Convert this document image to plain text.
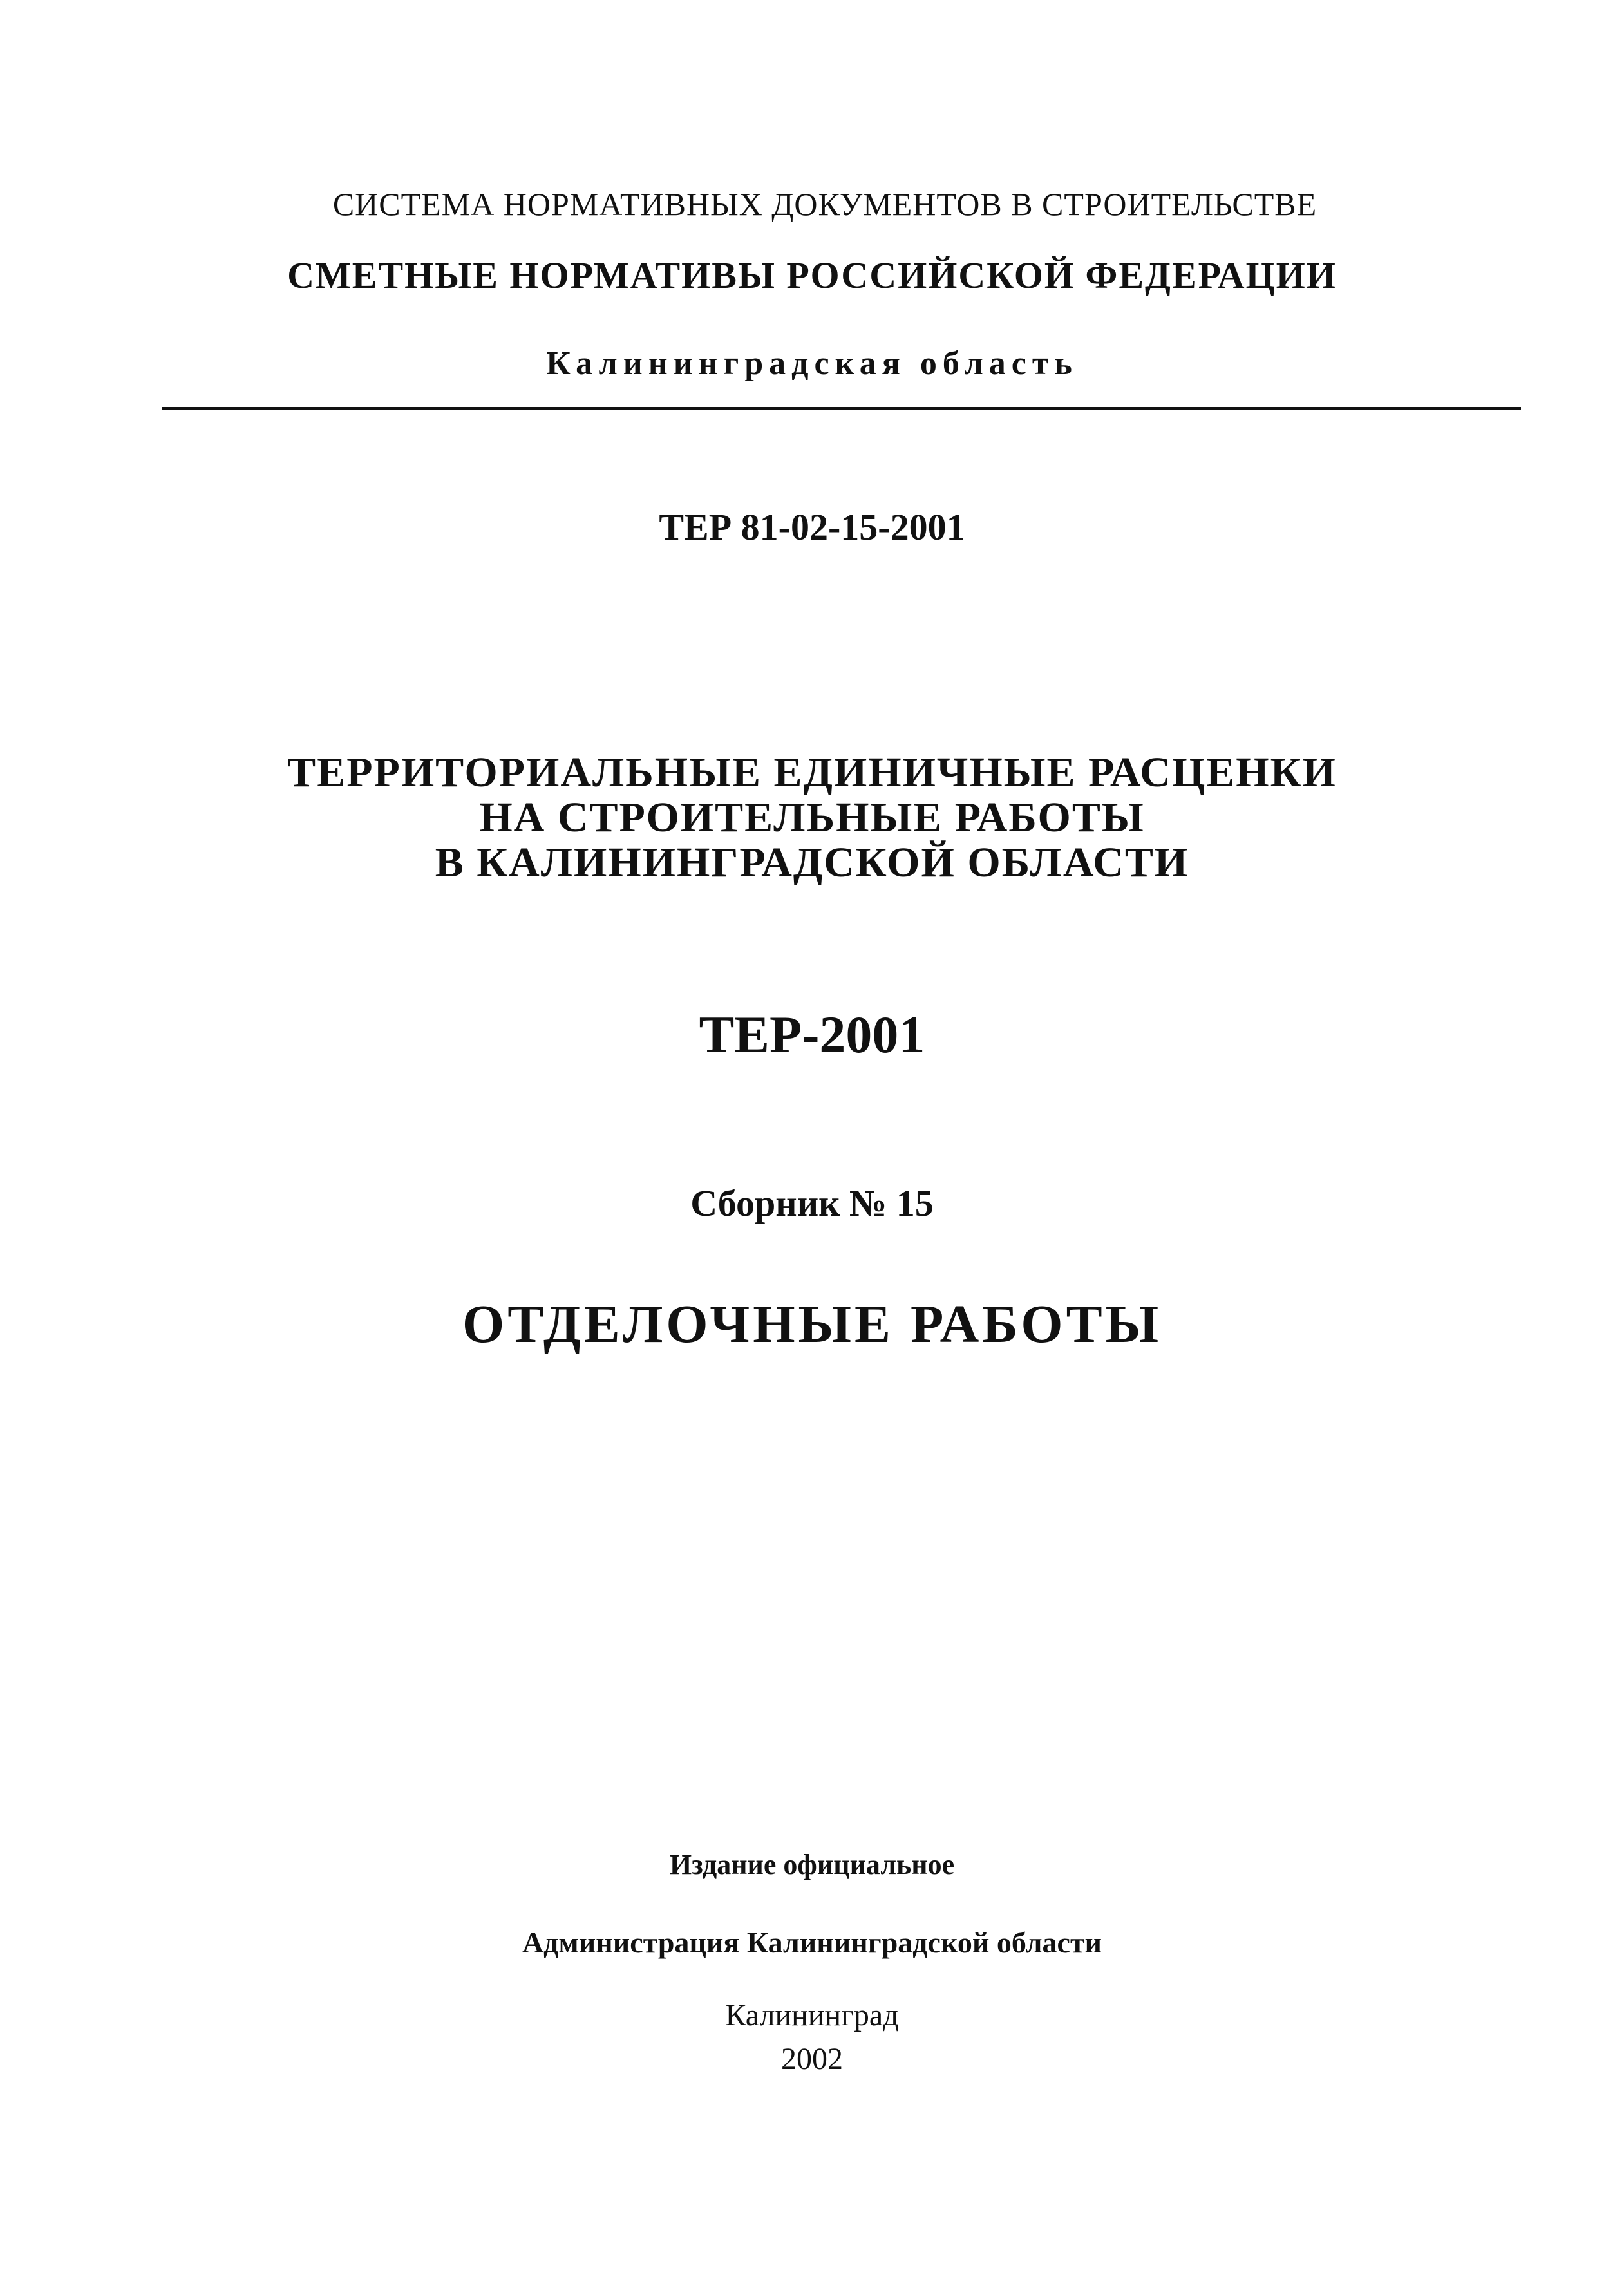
СИСТЕМА НОРМАТИВНЫХ ДОКУМЕНТОВ В СТРОИТЕЛЬСТВЕ
СМЕТНЫЕ НОРМАТИВЫ РОССИЙСКОЙ ФЕДЕРАЦИИ
Калининградская область
ТЕР 81-02-15-2001
ТЕРРИТОРИАЛЬНЫЕ ЕДИНИЧНЫЕ РАСЦЕНКИ
НА СТРОИТЕЛЬНЫЕ РАБОТЫ
В КАЛИНИНГРАДСКОЙ ОБЛАСТИ
ТЕР-2001
Сборник № 15
ОТДЕЛОЧНЫЕ РАБОТЫ
Издание официальное
Администрация Калининградской области
Калининград
2002
